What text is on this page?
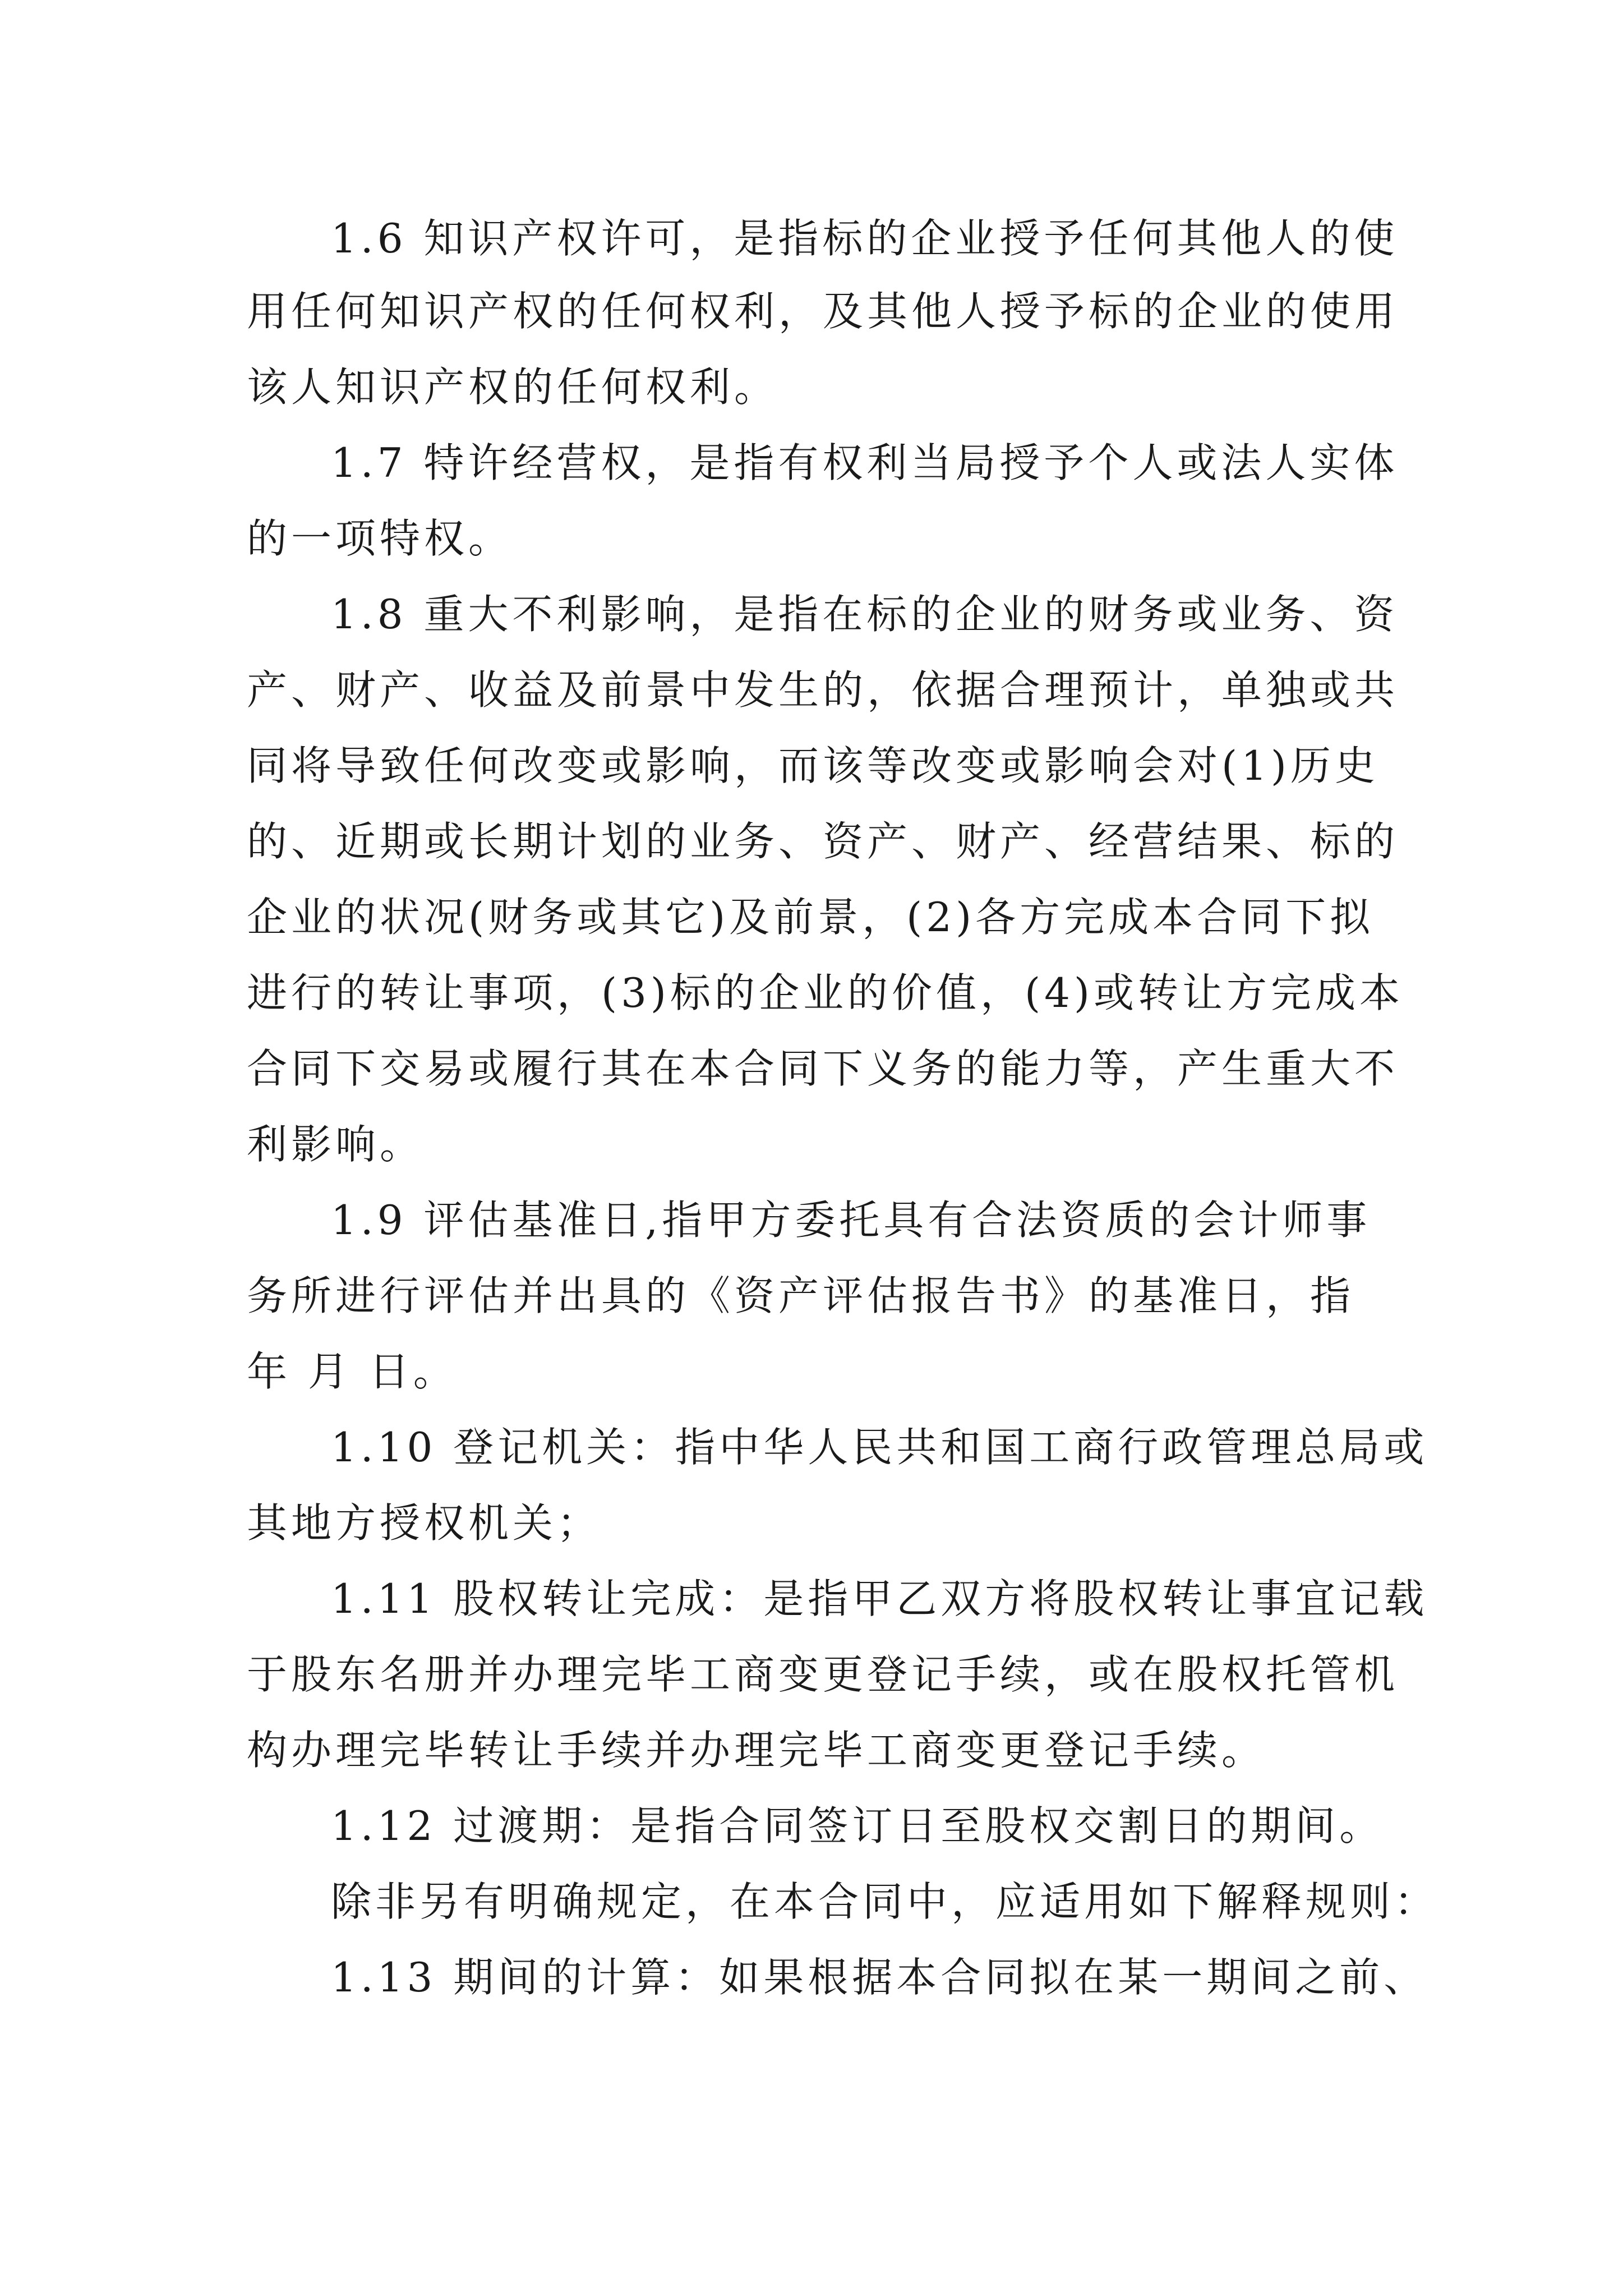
1.6 知识产权许可，是指标的企业授予任何其他人的使

用任何知识产权的任何权利，及其他人授予标的企业的使用

该人知识产权的任何权利。

1.7 特许经营权，是指有权利当局授予个人或法人实体

的一项特权。

1.8 重大不利影响，是指在标的企业的财务或业务、资

产、财产、收益及前景中发生的，依据合理预计，单独或共

同将导致任何改变或影响，而该等改变或影响会对(1)历史

的、近期或长期计划的业务、资产、财产、经营结果、标的

企业的状况(财务或其它)及前景，(2)各方完成本合同下拟

进行的转让事项，(3)标的企业的价值，(4)或转让方完成本

合同下交易或履行其在本合同下义务的能力等，产生重大不

利影响。

1.9 评估基准日,指甲方委托具有合法资质的会计师事

务所进行评估并出具的《资产评估报告书》的基准日，指

年 月 日。

1.10 登记机关：指中华人民共和国工商行政管理总局或

其地方授权机关；

1.11 股权转让完成：是指甲乙双方将股权转让事宜记载

于股东名册并办理完毕工商变更登记手续，或在股权托管机

构办理完毕转让手续并办理完毕工商变更登记手续。

1.12 过渡期：是指合同签订日至股权交割日的期间。

除非另有明确规定，在本合同中，应适用如下解释规则：

1.13 期间的计算：如果根据本合同拟在某一期间之前、
